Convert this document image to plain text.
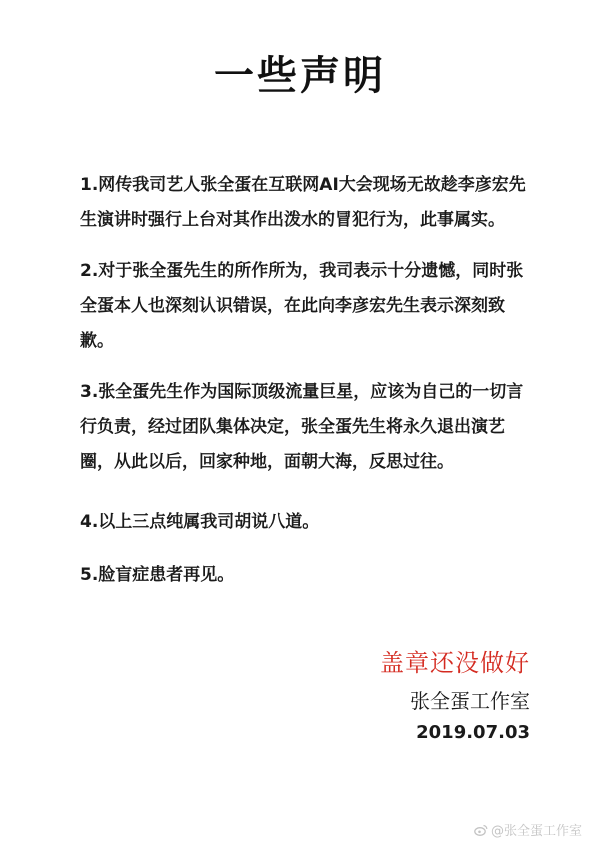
一些声明
1.网传我司艺人张全蛋在互联网AI大会现场无故趁李彦宏先生演讲时强行上台对其作出泼水的冒犯行为，此事属实。
2.对于张全蛋先生的所作所为，我司表示十分遗憾，同时张全蛋本人也深刻认识错误，在此向李彦宏先生表示深刻致歉。
3.张全蛋先生作为国际顶级流量巨星，应该为自己的一切言行负责，经过团队集体决定，张全蛋先生将永久退出演艺圈，从此以后，回家种地，面朝大海，反思过往。
4.以上三点纯属我司胡说八道。
5.脸盲症患者再见。
盖章还没做好
张全蛋工作室
2019.07.03
@张全蛋工作室
